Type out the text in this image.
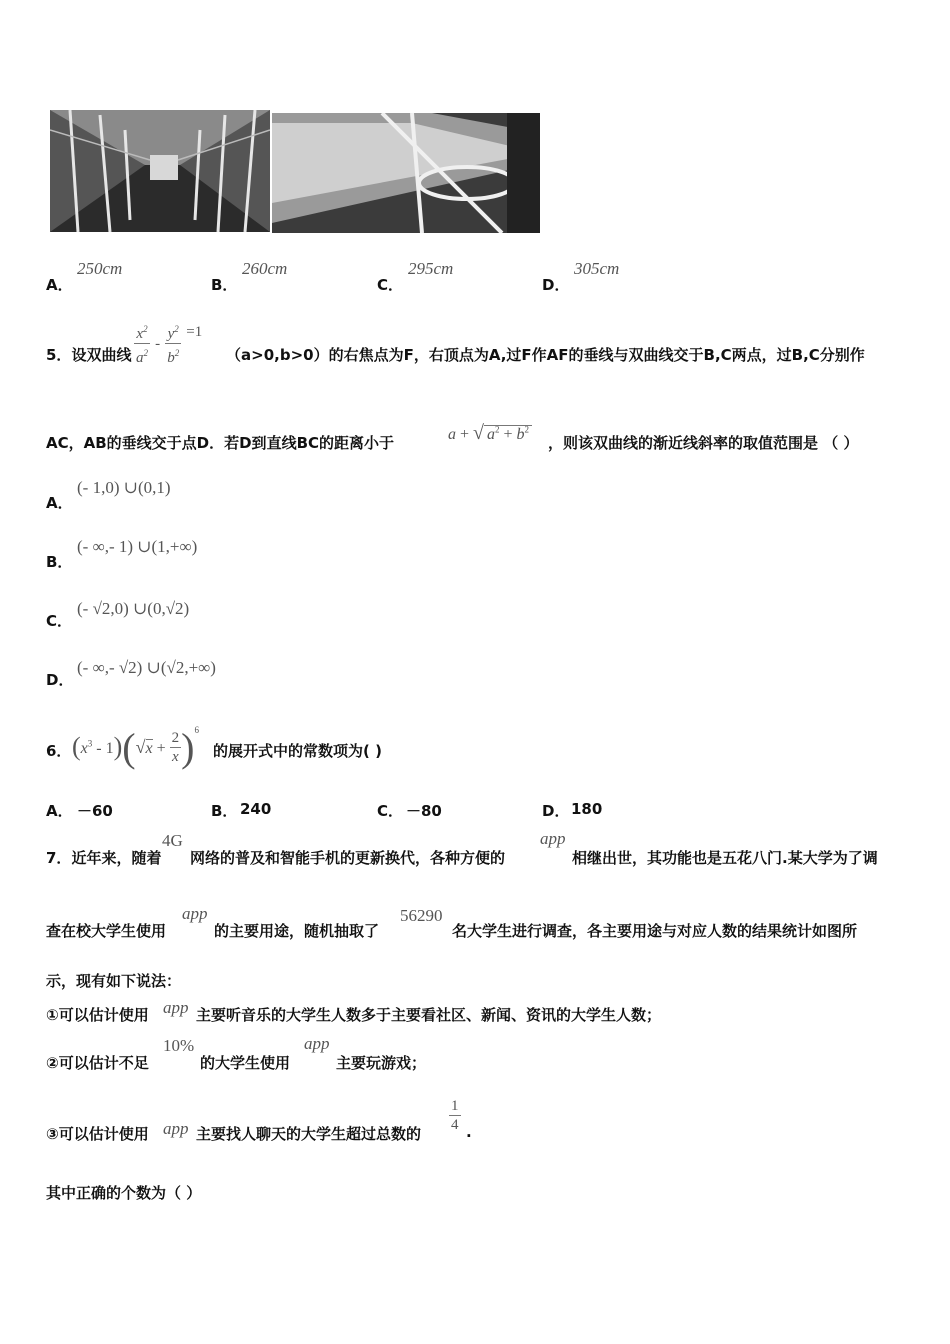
A．
250cm
B．
260cm
C．
295cm
D．
305cm
5．设双曲线 $\frac{x^2}{a^2} - \frac{y^2}{b^2} =1$
（a>0,b>0）的右焦点为F，右顶点为A,过F作AF的垂线与双曲线交于B,C两点，过B,C分别作
AC，AB的垂线交于点D．若D到直线BC的距离小于	a + √ $a^2 + b^2$
，则该双曲线的渐近线斜率的取值范围是 （ ）
A．
(- 1,0) ∪(0,1)
B．
(- ∞,- 1) ∪(1,+∞)
C．
(- √2,0) ∪(0,√2)
D．
(- ∞,- √2) ∪(√2,+∞)
6． $(x^3 - 1)(√x + \frac{2}{x} )^6$
的展开式中的常数项为( )
A． －60	B． 240	C． －80	D． 180
7．近年来，随着
4G
网络的普及和智能手机的更新换代，各种方便的
app
相继出世，其功能也是五花八门.某大学为了调
查在校大学生使用
app
的主要用途，随机抽取了
56290
名大学生进行调查，各主要用途与对应人数的结果统计如图所
示，现有如下说法：
①可以估计使用 app 主要听音乐的大学生人数多于主要看社区、新闻、资讯的大学生人数；
②可以估计不足
10%
的大学生使用
app
主要玩游戏；
③可以估计使用 app 主要找人聊天的大学生超过总数的 $\frac{1}{4}$ .
其中正确的个数为（ ）
